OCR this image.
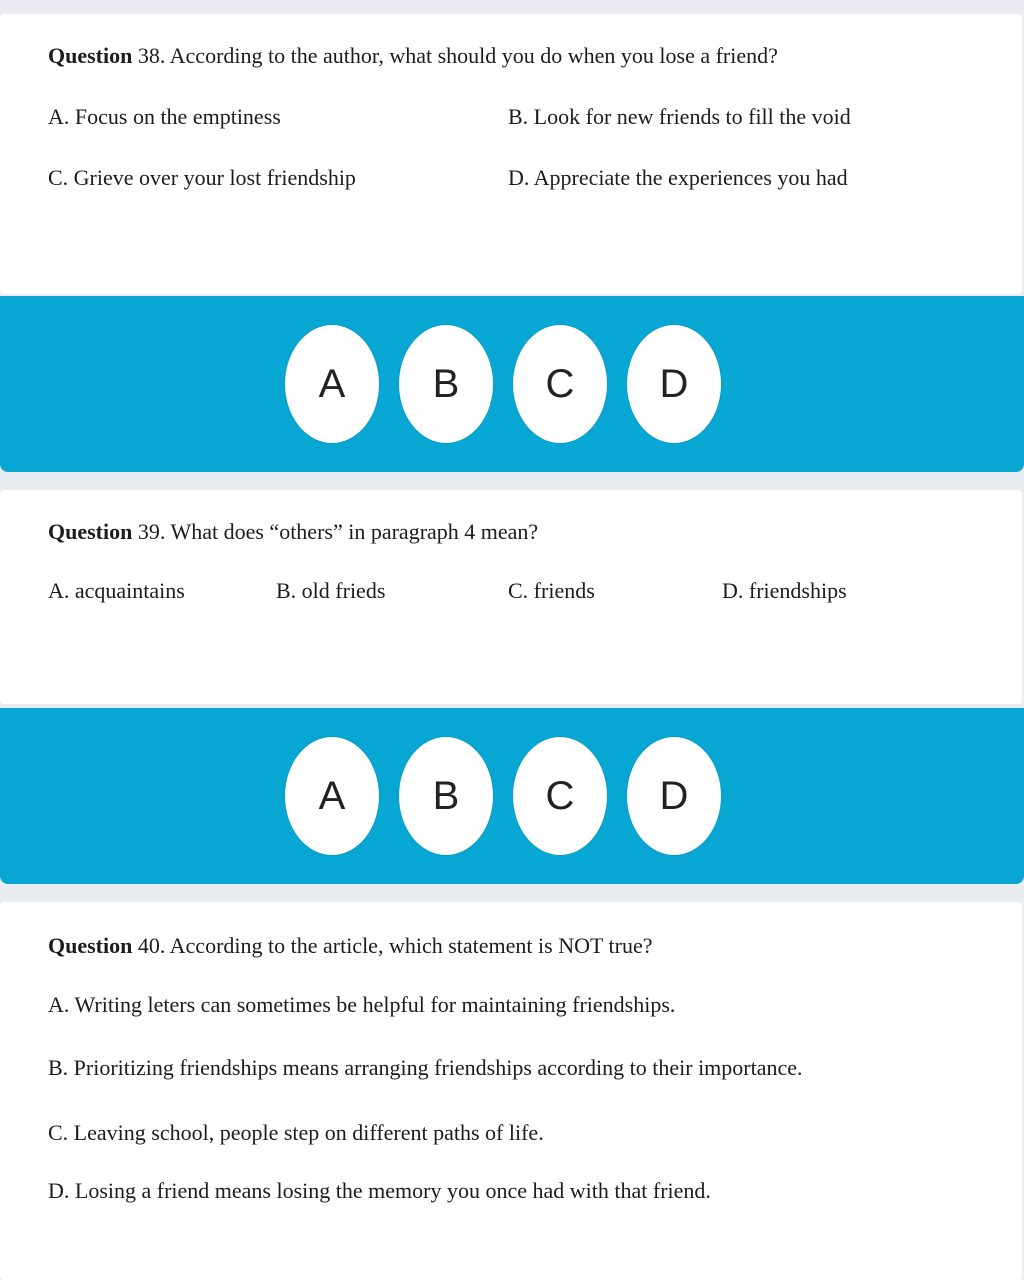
Question 38. According to the author, what should you do when you lose a friend?
A. Focus on the emptiness	B. Look for new friends to fill the void
C. Grieve over your lost friendship	D. Appreciate the experiences you had
A	B	C	D
Question 39. What does “others” in paragraph 4 mean?
A. acquaintains	B. old frieds	C. friends	D. friendships
A	B	C	D
Question 40. According to the article, which statement is NOT true?
A. Writing leters can sometimes be helpful for maintaining friendships.
B. Prioritizing friendships means arranging friendships according to their importance.
C. Leaving school, people step on different paths of life.
D. Losing a friend means losing the memory you once had with that friend.
